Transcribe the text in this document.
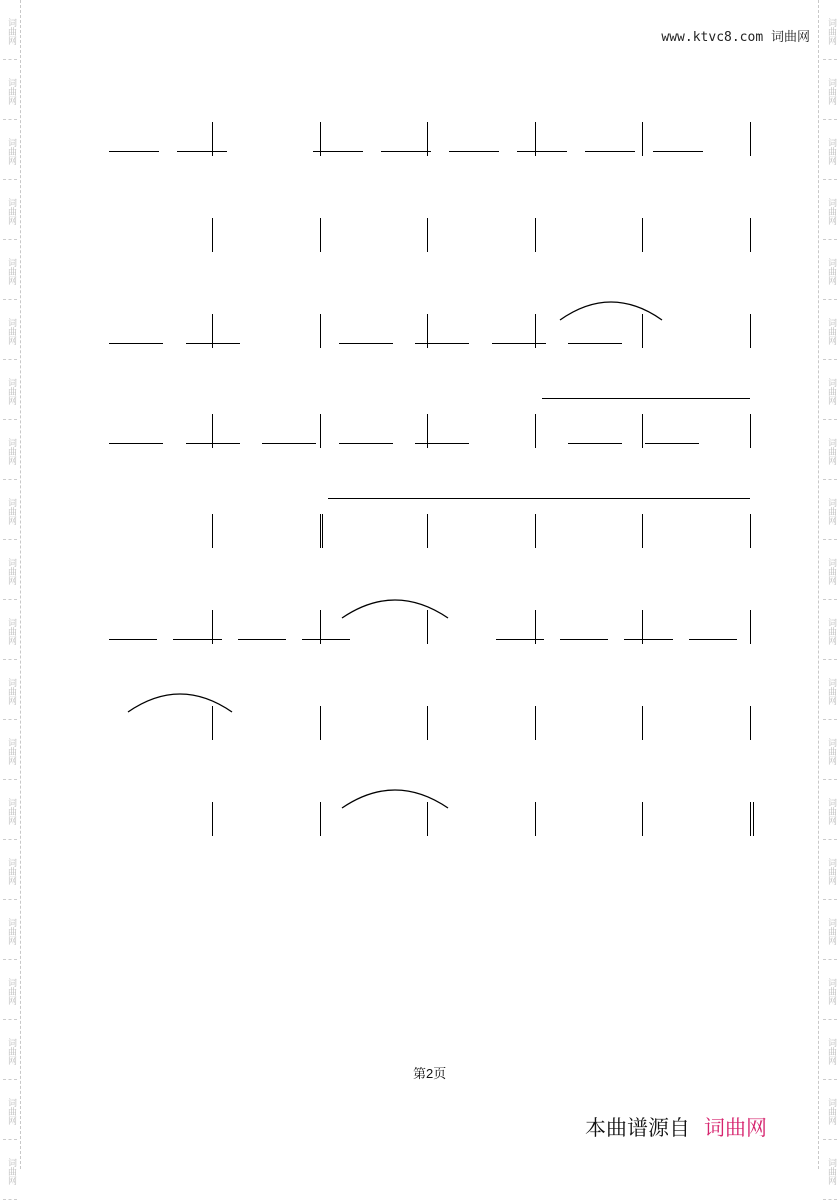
词曲网
词曲网
词曲网
词曲网
词曲网
词曲网
词曲网
词曲网
词曲网
词曲网
词曲网
词曲网
词曲网
词曲网
词曲网
词曲网
词曲网
词曲网
词曲网
词曲网
词曲网
词曲网
词曲网
词曲网
词曲网
词曲网
词曲网
词曲网
词曲网
词曲网
词曲网
词曲网
词曲网
词曲网
词曲网
词曲网
词曲网
词曲网
词曲网
词曲网
www.ktvc8.com 词曲网
第2页
本曲谱源自 词曲网
